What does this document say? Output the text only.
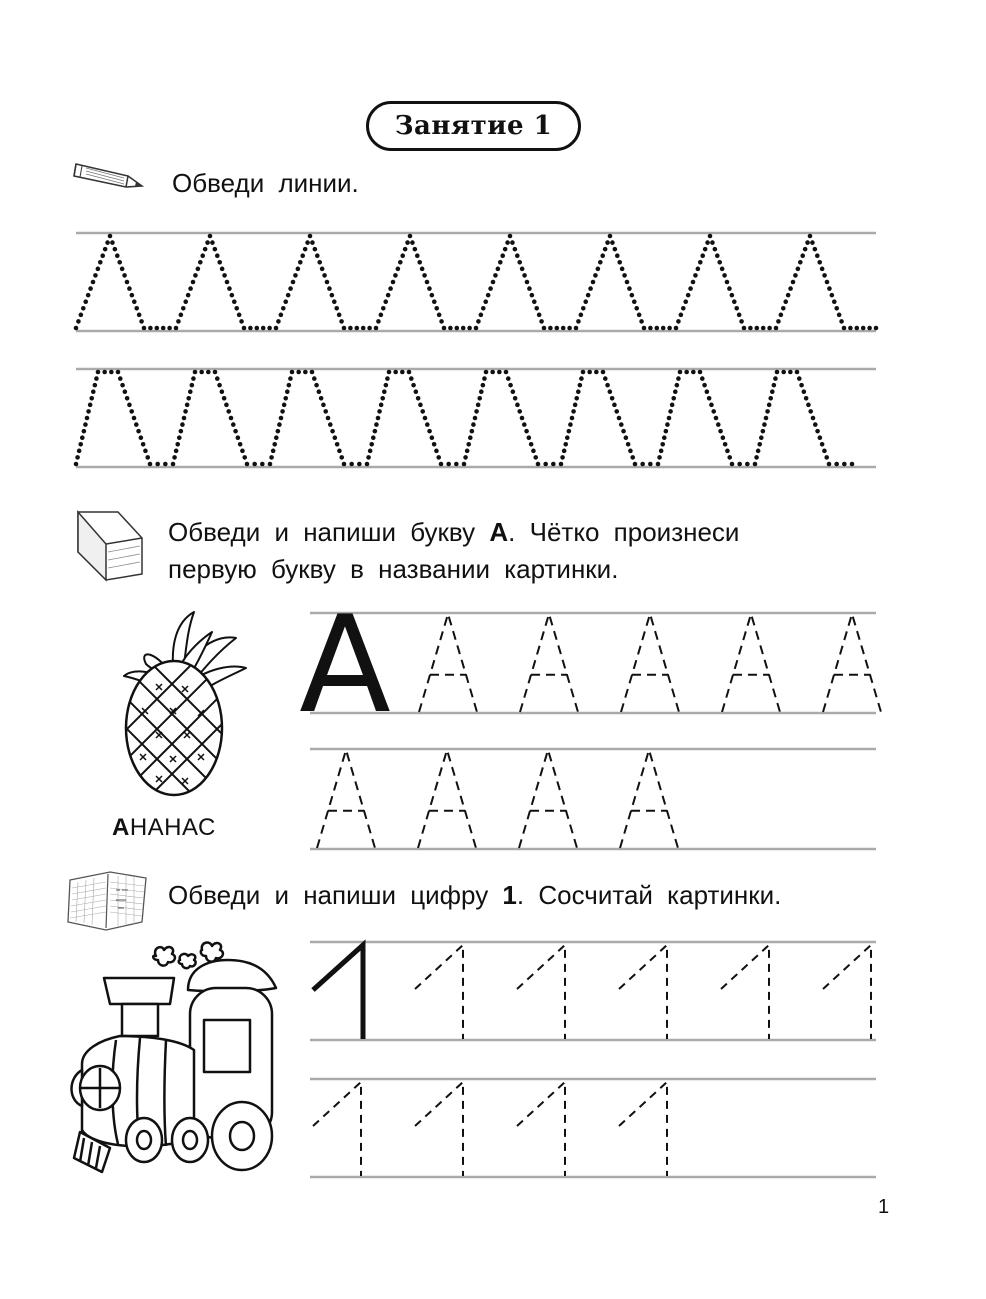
Занятие 1
Обведи линии.
Обведи и напиши букву А. Чётко произнеси
первую букву в названии картинки.
АНАНАС
A
Обведи и напиши цифру 1. Сосчитай картинки.
1
